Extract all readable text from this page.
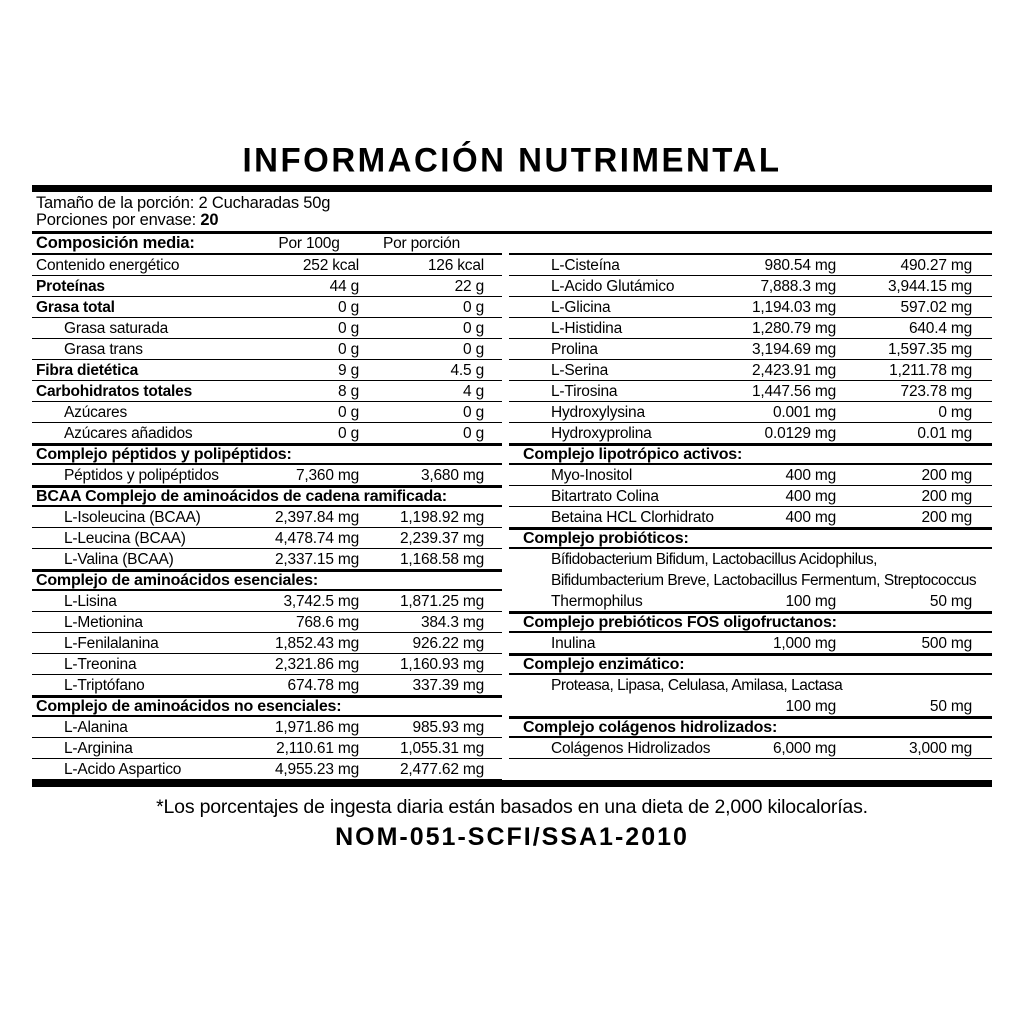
INFORMACIÓN NUTRIMENTAL
Tamaño de la porción: 2 Cucharadas 50g
Porciones por envase: 20
Composición media:	Por 100g	Por porción
Contenido energético	252 kcal	126 kcal
Proteínas	44 g	22 g
Grasa total	0 g	0 g
Grasa saturada	0 g	0 g
Grasa trans	0 g	0 g
Fibra dietética	9 g	4.5 g
Carbohidratos totales	8 g	4 g
Azúcares	0 g	0 g
Azúcares añadidos	0 g	0 g
Complejo péptidos y polipéptidos:
Péptidos y polipéptidos	7,360 mg	3,680 mg
BCAA Complejo de aminoácidos de cadena ramificada:
L-Isoleucina (BCAA)	2,397.84 mg	1,198.92 mg
L-Leucina (BCAA)	4,478.74 mg	2,239.37 mg
L-Valina (BCAA)	2,337.15 mg	1,168.58 mg
Complejo de aminoácidos esenciales:
L-Lisina	3,742.5 mg	1,871.25 mg
L-Metionina	768.6 mg	384.3 mg
L-Fenilalanina	1,852.43 mg	926.22 mg
L-Treonina	2,321.86 mg	1,160.93 mg
L-Triptófano	674.78 mg	337.39 mg
Complejo de aminoácidos no esenciales:
L-Alanina	1,971.86 mg	985.93 mg
L-Arginina	2,110.61 mg	1,055.31 mg
L-Acido Aspartico	4,955.23 mg	2,477.62 mg
L-Cisteína	980.54 mg	490.27 mg
L-Acido Glutámico	7,888.3 mg	3,944.15 mg
L-Glicina	1,194.03 mg	597.02 mg
L-Histidina	1,280.79 mg	640.4 mg
Prolina	3,194.69 mg	1,597.35 mg
L-Serina	2,423.91 mg	1,211.78 mg
L-Tirosina	1,447.56 mg	723.78 mg
Hydroxylysina	0.001 mg	0 mg
Hydroxyprolina	0.0129 mg	0.01 mg
Complejo lipotrópico activos:
Myo-Inositol	400 mg	200 mg
Bitartrato Colina	400 mg	200 mg
Betaina HCL Clorhidrato	400 mg	200 mg
Complejo probióticos:
Bífidobacterium Bifidum, Lactobacillus Acidophilus,
Bifidumbacterium Breve, Lactobacillus Fermentum, Streptococcus
Thermophilus	100 mg	50 mg
Complejo prebióticos FOS oligofructanos:
Inulina	1,000 mg	500 mg
Complejo enzimático:
Proteasa, Lipasa, Celulasa, Amilasa, Lactasa
100 mg	50 mg
Complejo colágenos hidrolizados:
Colágenos Hidrolizados	6,000 mg	3,000 mg
*Los porcentajes de ingesta diaria están basados en una dieta de 2,000 kilocalorías.
NOM-051-SCFI/SSA1-2010
